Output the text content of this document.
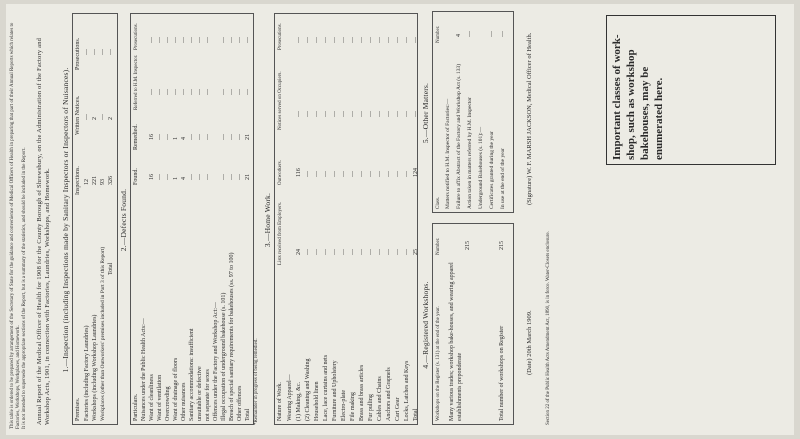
This table is ordered to be prepared by arrangement of the Secretary of State for the guidance and convenience of Medical Officers of Health in preparing that part of their Annual Reports which relates to Factories, Workshops, Workplaces, and Homework. It is not intended to supersede the appropriate sections of the Report, but is a summary of the statistics, and should be included in the Report. Annual Report of the Medical Officer of Health for 1908 for the County Borough of Shrewsbury, on the Administration of the Factory and Workshop Acts, 1901, in connection with Factories, Laundries, Workshops, and Homework. 1.—Inspection (including Inspections made by Sanitary Inspectors or Inspectors of Nuisances).
Premises.
Inspections.
Written Notices.
Prosecutions.
Factories (including Factory Laundries)
12
—
—
Workshops (including Workshop Laundries)
221
2
—
Workplaces (other than Outworkers' premises included in Part 3 of this Report)
93
—
—
Total
326
2
—
2.—Defects Found.
Particulars.
Found.
Remedied.
Referred to H.M. Inspector.
Prosecutions.
*Remainder in progress of being remedied.
3.—Home Work.
Nature of Work.
Lists received from Employers.
Outworkers.
Notices served on Occupiers.
Prosecutions.
4.—Registered Workshops.
5.—Other Matters.
Workshops on the Register (s. 131) at the end of the year.
Number.
Many various trades; workshop bake-houses, and wearing apparel establishments preponderate
215
Total number of workshops on Register
215
Class.
Number.	(Signature) W. F. MARSH JACKSON, Medical Officer of Health.
(Date) 20th March 1909.	Section 22 of the Public Health Acts Amendment Act, 1890, is in force. Water-Closets enclosure.
Important classes of work-shop, such as workshop bakehouses, may be enumerated here.
Nuisances under the Public Health Acts:— Want of cleanliness
16
16
—
—
Want of ventilation
—
—
—
—
Overcrowding
—
—
—
—
Want of drainage of floors
1
1
—
—
Other nuisances
4
4
—
—
Sanitary accommodations: insufficient
—
—
—
—
unsuitable or defective
—
—
—
—
not separate for sexes
—
—
—
—
Offences under the Factory and Workshop Act:— Illegal occupation of underground bakehouse (s. 101)
—
—
—
—
Breach of special sanitary requirements for bakehouses (ss. 97 to 100)
—
—
—
—
Other offences
—
—
—
—
Total
21
21
—
—
Wearing Apparel— (1) Making, &c.
24
116
—
—
(2) Cleaning and Washing
—
—
—
—
Household linen
—
—
—
—
Lace, lace curtains and nets
—
—
—
—
Furniture and Upholstery
—
—
—
—
Electro-plate
—
—
—
—
File making
—
—
—
—
Brass and brass articles
—
—
—
—
Fur pulling
—
—
—
—
Cables and Chains
—
—
—
—
Anchors and Grapnels
—
—
—
—
Cart Gear
—
—
—
—
Locks, Latches and Keys
—
—
—
—
Total
25
124
—
—
Matters notified to H.M. Inspector of Factories:— Failure to affix Abstract of the Factory and Workshop Act (s. 133)
4
Action taken in matters referred by H.M. Inspector
—
Underground Bakehouses (s. 101):— Certificates granted during the year
—
In use at the end of the year
—
